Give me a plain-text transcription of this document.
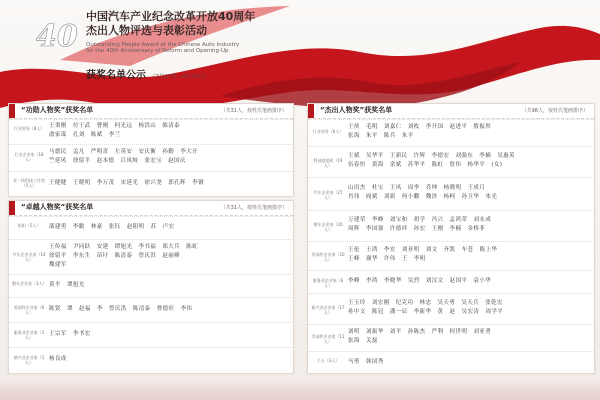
40
中国汽车产业纪念改革开放40周年
杰出人物评选与表彰活动
Outstanding People Award of the Chinese Auto Industry
for the 40th Anniversary of Reform and Opening-Up
获奖名单公示 （7月27日—8月15日）
“功勋人物奖”获奖名单	（共31人，按姓氏笔画排序）
行业领导（8人） 王秉刚 付于武 曹刚 何光远 杨洪山 陈清泰
俞家谋 孔刘 陈斌 李兰
行业企业家（18人）
马德民 孟凡 严明喜 左英安 安庆衡 孙勤 李大开
竺延风 徐留平 赵本德 吕凤岐 张宏宝 赵国庆
业一线科技工作者（5人）	王健健 王晓明 李万茂 宋延光 徐兴尧 郭孔辉 李钢
“卓越人物奖”获奖名单	（共31人，按姓氏笔画排序）
组织（5人）	邵建勇 李瞻 林豪 张钰 赵阳明 苏 卢宏
汽车企业业家（14人）
王传福 尹同跃 安建 谭旭光 李书福 郑大兵 陈虹
徐留平 李东生 苗圩 陈清泰 曾庆洪 赵丽峰
魏建军
整车企业家（3人） 黄平 谭旭光
零部件企业家（6人）
陈贤 谭 赵福 李 曾庆洪 陈清泰 曹德旺 李伟
服务业企业家（1人）
王宗军 李书宏
新兴业企业家（1人）
杨良成
“杰出人物奖”获奖名单	（共98人，按姓氏笔画排序）
行业领导（6人）
王侠 毛明 刘嘉仁 刘枚 李开国 赵进平 殷振彤
张海 朱平 陈兵 朱平
科技组组织（19人）
王斌 吴华平 王新民 许辉 李德宏 刘强东 李楠 吴惠英
伍春恒 黄海 余斌 苏华平 陈虹 詹伟 杨华平 (女)
汽车企业家（27人）
山田杰 杜宝 王凤 周李 乔坤 杨晓明 王成月
肖伟 阎斌 刘新 何小鹏 魏泽 杨柯 孙卫华 朱光
整车企业家（20人）
万建荣 李峰 刘宝和 胡学 冯兴 孟鸿荣 刘永成
周辉 李国强 许德祥 孙宏 王刚 李楠 金桥菲
零部件企业家（10人）
王伦 王鸿 李宏 刘亚明 刘文 齐凯 车苍 陈上华
王峰 谢华 许伟 王 李明
服务业企业家（6人）
李峰 李鸿 李晓华 吴烈 刘汉文 赵国平 袁小华
新兴业企业家（17人）
王玉玲 刘宏刚 纪克功 林忠 吴天勇 吴天兵 张乾宏
孙中文 陈冠 潘一辰 李新华 黄 赵 吴宏涛 周学平
零部件企业家（11人）
刘明 刘振华 刘平 孙陈杰 严利 何世明 刘亚勇
张海 关磊
个人（3人）	马勇 韩国秀
